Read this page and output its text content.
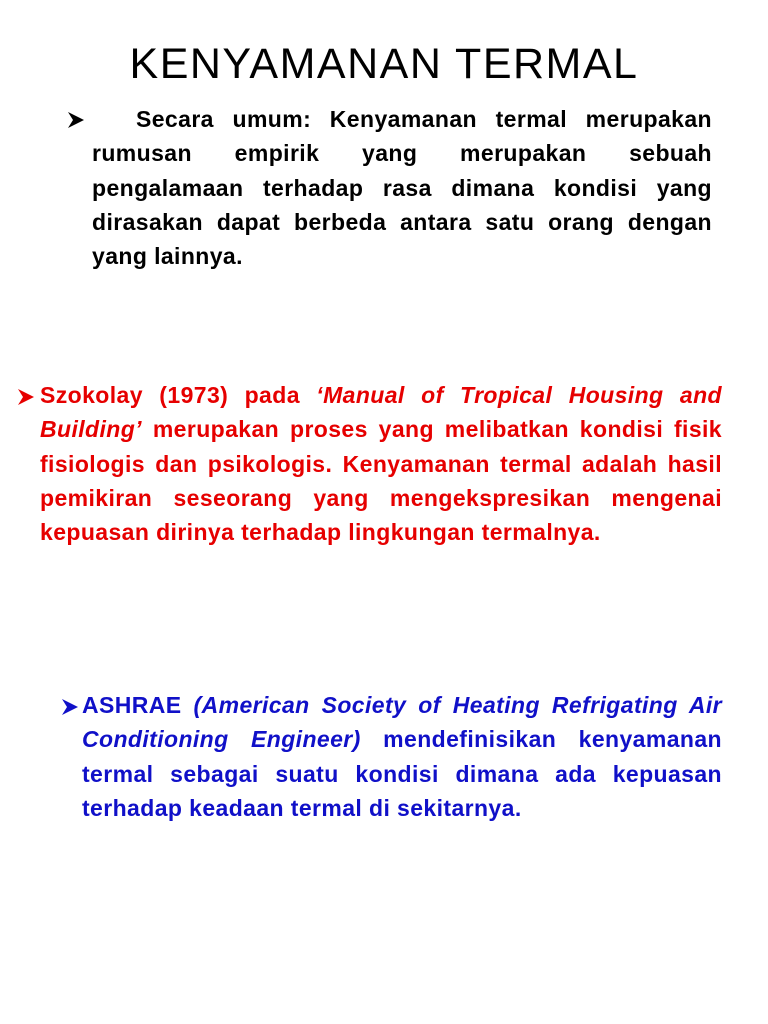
KENYAMANAN TERMAL

Secara umum: Kenyamanan termal merupakan rumusan empirik yang merupakan sebuah pengalamaan terhadap rasa dimana kondisi yang dirasakan dapat berbeda antara satu orang dengan yang lainnya.

Szokolay (1973) pada ‘Manual of Tropical Housing and Building’ merupakan proses yang melibatkan kondisi fisik fisiologis dan psikologis. Kenyamanan termal adalah hasil pemikiran seseorang yang mengekspresikan mengenai kepuasan dirinya terhadap lingkungan termalnya.

ASHRAE (American Society of Heating Refrigating Air Conditioning Engineer) mendefinisikan kenyamanan termal sebagai suatu kondisi dimana ada kepuasan terhadap keadaan termal di sekitarnya.
